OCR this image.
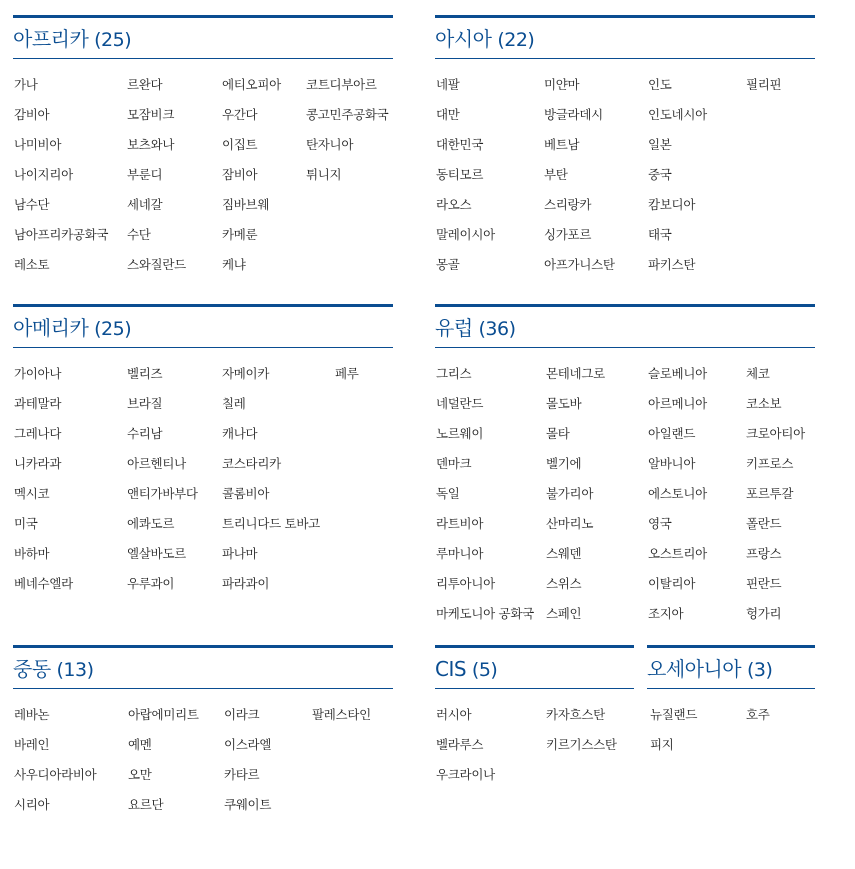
아프리카 (25)
가나
감비아
나미비아
나이지리아
남수단
남아프리카공화국
레소토
르완다
모잠비크
보츠와나
부룬디
세네갈
수단
스와질란드
에티오피아
우간다
이집트
잠비아
짐바브웨
카메룬
케냐
코트디부아르
콩고민주공화국
탄자니아
튀니지
아시아 (22)
네팔
대만
대한민국
동티모르
라오스
말레이시아
몽골
미얀마
방글라데시
베트남
부탄
스리랑카
싱가포르
아프가니스탄
인도
인도네시아
일본
중국
캄보디아
태국
파키스탄
필리핀
아메리카 (25)
가이아나
과테말라
그레나다
니카라과
멕시코
미국
바하마
베네수엘라
벨리즈
브라질
수리남
아르헨티나
앤티가바부다
에콰도르
엘살바도르
우루과이
자메이카
칠레
캐나다
코스타리카
콜롬비아
트리니다드 토바고
파나마
파라과이
페루
유럽 (36)
그리스
네덜란드
노르웨이
덴마크
독일
라트비아
루마니아
리투아니아
마케도니아 공화국
몬테네그로
몰도바
몰타
벨기에
불가리아
산마리노
스웨덴
스위스
스페인
슬로베니아
아르메니아
아일랜드
알바니아
에스토니아
영국
오스트리아
이탈리아
조지아
체코
코소보
크로아티아
키프로스
포르투갈
폴란드
프랑스
핀란드
헝가리
중동 (13)
레바논
바레인
사우디아라비아
시리아
아랍에미리트
예멘
오만
요르단
이라크
이스라엘
카타르
쿠웨이트
팔레스타인
CIS (5)
러시아
벨라루스
우크라이나
카자흐스탄
키르기스스탄
오세아니아 (3)
뉴질랜드
피지
호주
